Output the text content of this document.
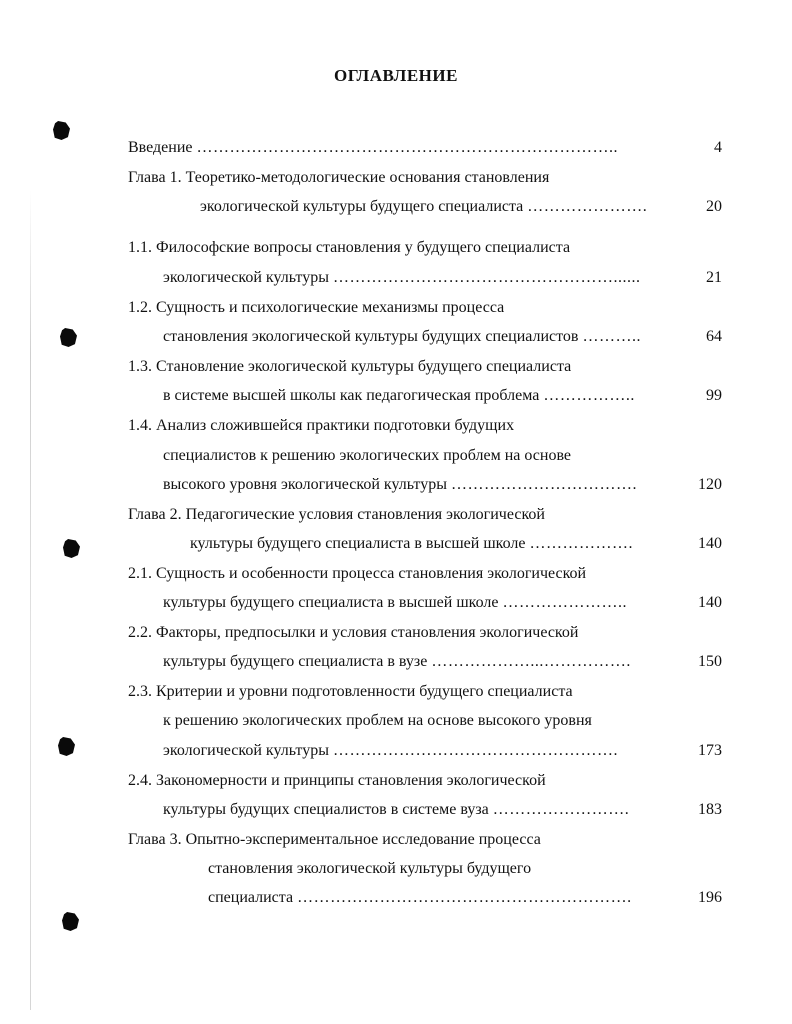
ОГЛАВЛЕНИЕ
Введение …………………………………………………………………..	4
Глава 1. Теоретико-методологические основания становления
экологической культуры будущего специалиста ………………….	20
1.1. Философские вопросы становления у будущего специалиста
экологической культуры ……………………………………………......	21
1.2. Сущность и психологические механизмы процесса
становления экологической культуры будущих специалистов ………..	64
1.3. Становление экологической культуры будущего специалиста
в системе высшей школы как педагогическая проблема ……………..	99
1.4. Анализ сложившейся практики подготовки будущих
специалистов к решению экологических проблем на основе
высокого уровня экологической культуры …………………………….	120
Глава 2. Педагогические условия становления экологической
культуры будущего специалиста в высшей школе ……………….	140
2.1. Сущность и особенности процесса становления экологической
культуры будущего специалиста в высшей школе …………………..	140
2.2. Факторы, предпосылки и условия становления экологической
культуры будущего специалиста в вузе ………………...…………….	150
2.3. Критерии и уровни подготовленности будущего специалиста
к решению экологических проблем на основе высокого уровня
экологической культуры …………………………………………….	173
2.4. Закономерности и принципы становления экологической
культуры будущих специалистов в системе вуза …………………….	183
Глава 3. Опытно-экспериментальное исследование процесса
становления экологической культуры будущего
специалиста …………………………………………………….	196
